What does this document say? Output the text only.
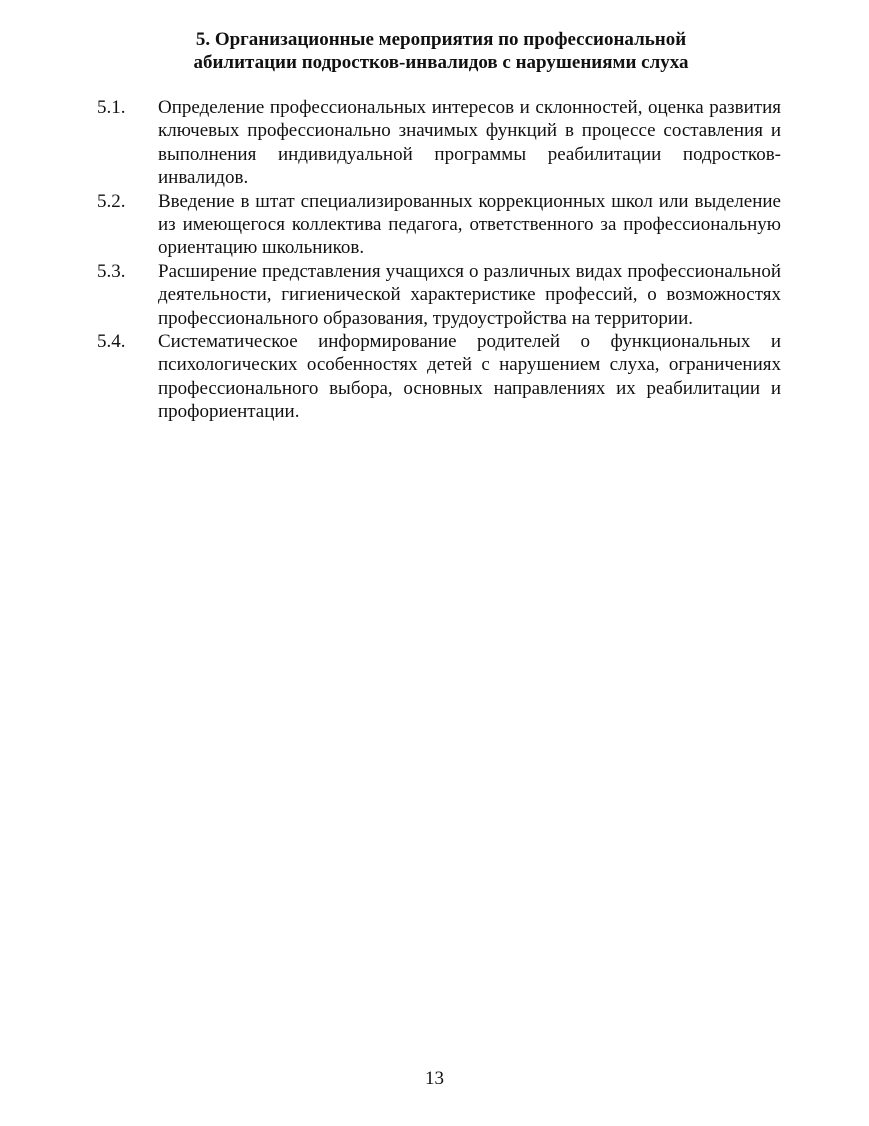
5. Организационные мероприятия по профессиональной
абилитации подростков-инвалидов с нарушениями слуха
5.1. Определение профессиональных интересов и склонностей, оценка развития ключевых профессионально значимых функций в процессе составления и выполнения индивидуальной программы реабилитации подростков-инвалидов.
5.2. Введение в штат специализированных коррекционных школ или выделение из имеющегося коллектива педагога, ответственного за профессиональную ориентацию школьников.
5.3. Расширение представления учащихся о различных видах профессиональной деятельности, гигиенической характеристике профессий, о возможностях профессионального образования, трудоустройства на территории.
5.4. Систематическое информирование родителей о функциональных и психологических особенностях детей с нарушением слуха, ограничениях профессионального выбора, основных направлениях их реабилитации и профориентации.
13
